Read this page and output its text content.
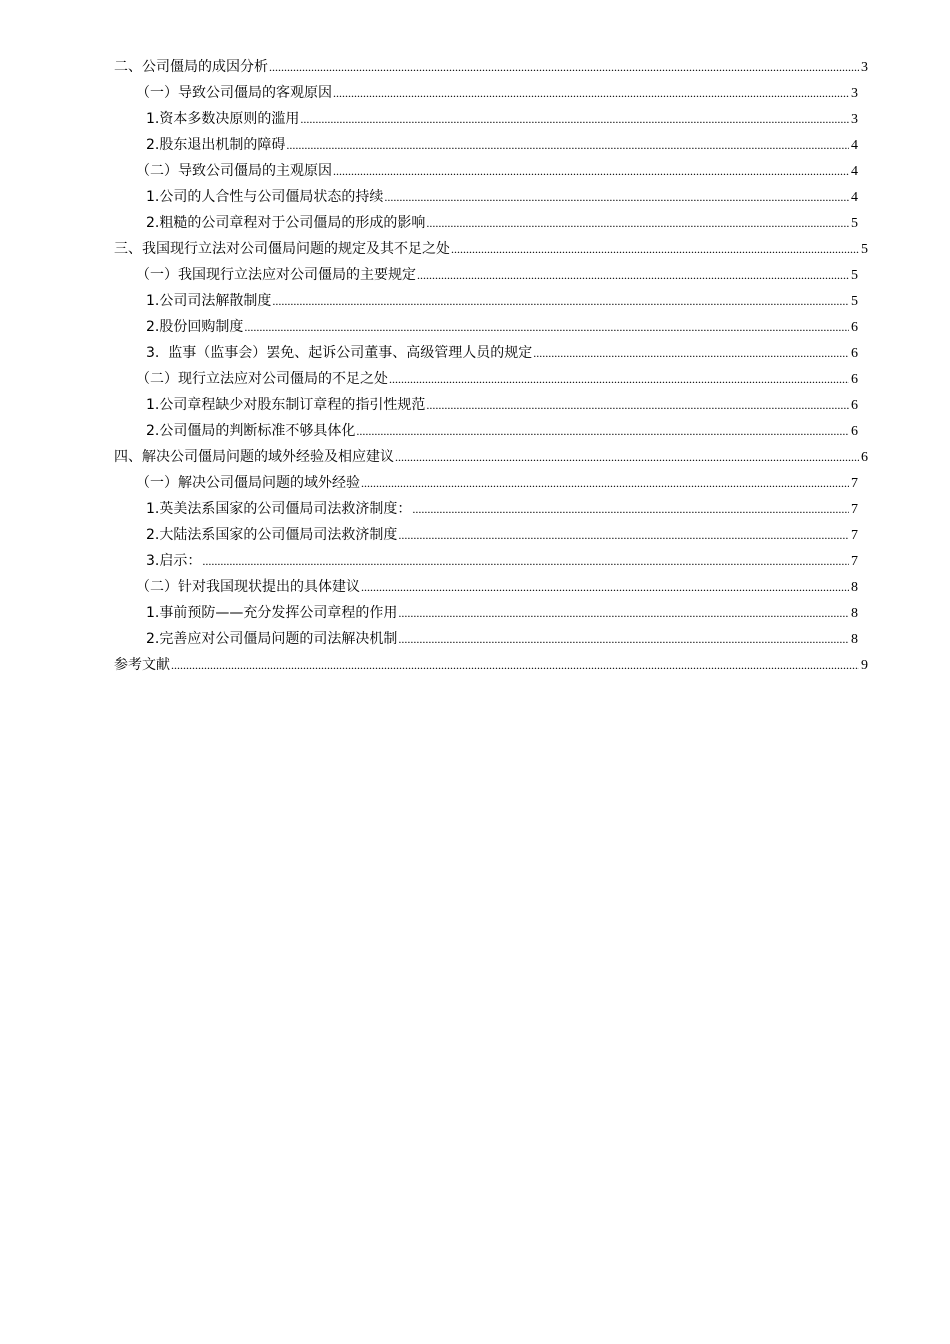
二、公司僵局的成因分析 .....	3
（一）导致公司僵局的客观原因 .....	3
1.资本多数决原则的滥用 .....	3
2.股东退出机制的障碍 .....	4
（二）导致公司僵局的主观原因 .....	4
1.公司的人合性与公司僵局状态的持续 .....	4
2.粗糙的公司章程对于公司僵局的形成的影响 .....	5
三、我国现行立法对公司僵局问题的规定及其不足之处 .....	5
（一）我国现行立法应对公司僵局的主要规定 .....	5
1.公司司法解散制度 .....	5
2.股份回购制度 .....	6
3.  监事（监事会）罢免、起诉公司董事、高级管理人员的规定 .....	6
（二）现行立法应对公司僵局的不足之处 .....	6
1.公司章程缺少对股东制订章程的指引性规范 .....	6
2.公司僵局的判断标准不够具体化 .....	6
四、解决公司僵局问题的域外经验及相应建议 .....	6
（一）解决公司僵局问题的域外经验 .....	7
1.英美法系国家的公司僵局司法救济制度： .....	7
2.大陆法系国家的公司僵局司法救济制度 .....	7
3.启示： .....	7
（二）针对我国现状提出的具体建议 .....	8
1.事前预防——充分发挥公司章程的作用 .....	8
2.完善应对公司僵局问题的司法解决机制 .....	8
参考文献 .....	9
